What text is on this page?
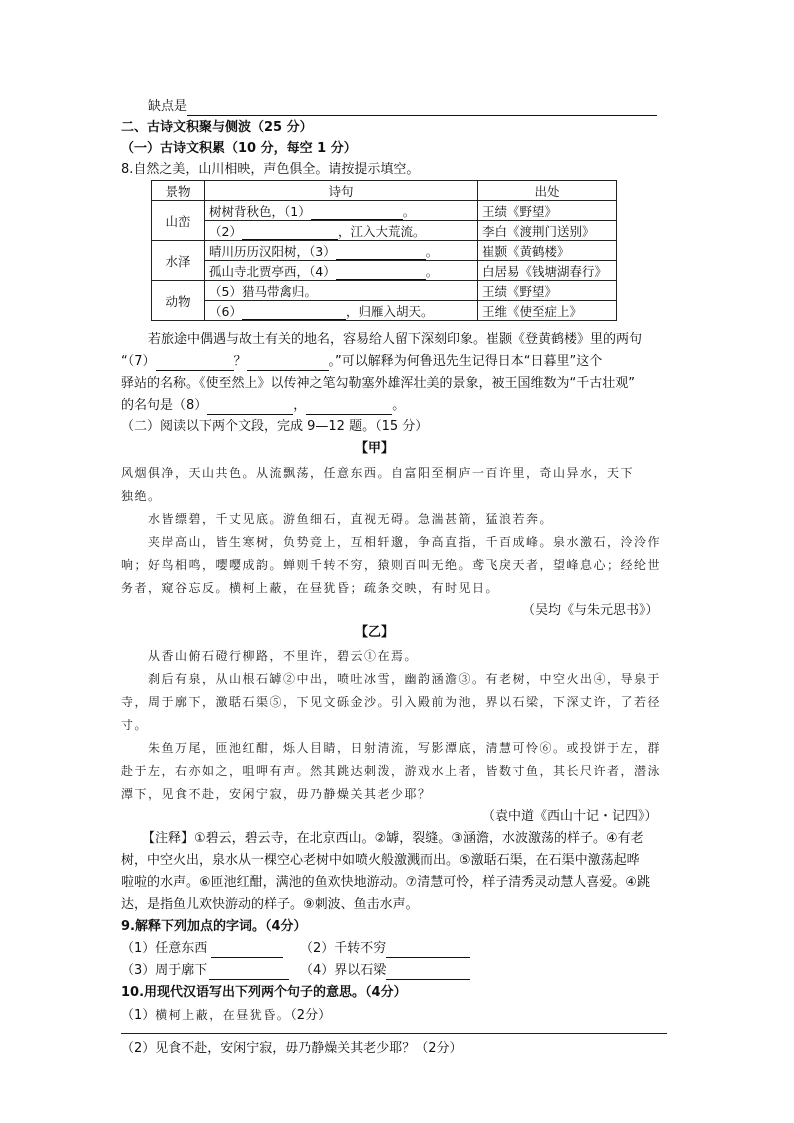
缺点是
二、古诗文积聚与侧波（25 分）
（一）古诗文积累（10 分，每空 1 分）
8.自然之美，山川相映，声色俱全。请按提示填空。
景物	诗句	出处
山峦	树树背秋色，（1） 。	王绩《野望》
	（2） ，江入大荒流。	李白《渡荆门送别》
水泽	晴川历历汉阳树，（3） 。	崔颢《黄鹤楼》
	孤山寺北贾亭西，（4） 。	白居易《钱塘湖春行》
动物	（5）猎马带禽归。	王绩《野望》
	（6） ，归雁入胡天。	王维《使至症上》
若旅途中偶遇与故土有关的地名，容易给人留下深刻印象。崔颢《登黄鹤楼》里的两句
“（7）	？	。”可以解释为何鲁迅先生记得日本“日暮里”这个
驿站的名称。《使至然上》以传神之笔勾勒塞外雄浑壮美的景象，被王国维数为“千古壮观”
的名句是（8）	，	。
（二）阅读以下两个文段，完成 9—12 题。（15 分）
【甲】
风烟俱净，天山共色。从流飘荡，任意东西。自富阳至桐庐一百许里，奇山异水，天下
独绝。
水皆缥碧，千丈见底。游鱼细石，直视无碍。急湍甚箭，猛浪若奔。
夹岸高山，皆生寒树，负势竞上，互相轩邈，争高直指，千百成峰。泉水激石，泠泠作
响；好鸟相鸣，嘤嘤成韵。蝉则千转不穷，猿则百叫无绝。鸢飞戾天者，望峰息心；经纶世
务者，窥谷忘反。横柯上蔽，在昼犹昏；疏条交映，有时见日。
（吴均《与朱元思书》）
【乙】
从香山俯石磴行柳路，不里许，碧云①在焉。
刹后有泉，从山根石罅②中出，喷吐冰雪，幽韵涵澹③。有老树，中空火出④，导泉于
寺，周于廓下，激聒石渠⑤，下见文砾金沙。引入殿前为池，界以石梁，下深丈许，了若径
寸。
朱鱼万尾，匝池红酣，烁人目睛，日射清流，写影潭底，清慧可怜⑥。或投饼于左，群
赴于左，右亦如之，咀呷有声。然其跳达刺泼，游戏水上者，皆数寸鱼，其长尺许者，潜泳
潭下，见食不赴，安闲宁寂，毋乃静燥关其老少耶？
（袁中道《西山十记・记四》）
【注释】①碧云，碧云寺，在北京西山。②罅，裂缝。③涵澹，水波激荡的样子。④有老
树，中空火出，泉水从一棵空心老树中如喷火般激溅而出。⑤激聒石渠，在石渠中激荡起哗
啦啦的水声。⑥匝池红酣，满池的鱼欢快地游动。⑦清慧可怜，样子清秀灵动慧人喜爱。④跳
达，是指鱼儿欢快游动的样子。⑨刺波、鱼击水声。
9.解释下列加点的字词。（4分）
（1）任意东西	（2）千转不穷
（3）周于廓下	（4）界以石梁
10.用现代汉语写出下列两个句子的意思。（4分）
（1）横柯上蔽，在昼犹昏。（2分）
（2）见食不赴，安闲宁寂，毋乃静燥关其老少耶？（2分）
